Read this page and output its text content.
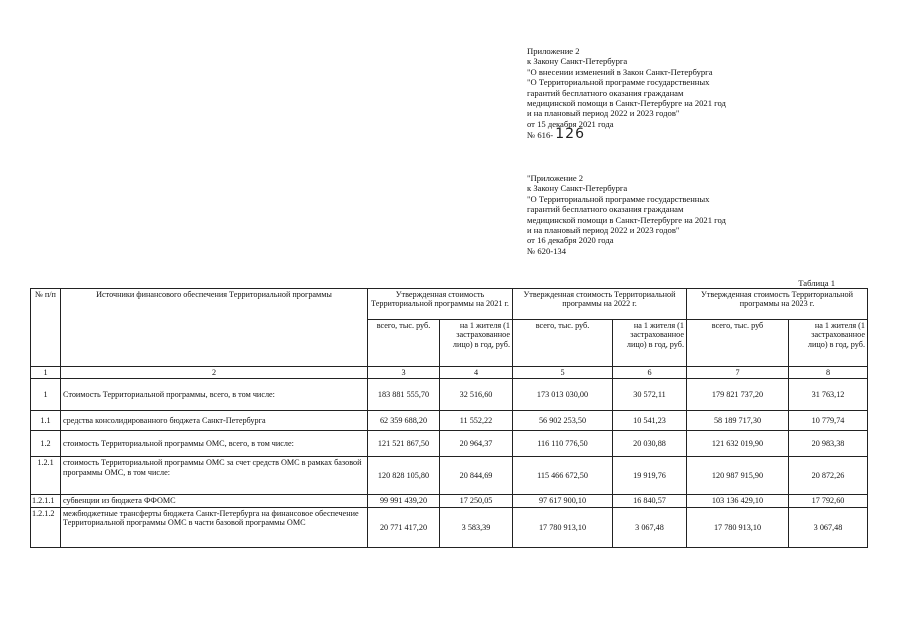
Приложение 2
к Закону Санкт-Петербурга
"О внесении изменений в Закон Санкт-Петербурга
"О Территориальной программе государственных
гарантий бесплатного оказания гражданам
медицинской помощи в Санкт-Петербурге на 2021 год
и на плановый период 2022 и 2023 годов"
от 15 декабря 2021 года
№ 616- 126
"Приложение 2
к Закону Санкт-Петербурга
"О Территориальной программе государственных
гарантий бесплатного оказания гражданам
медицинской помощи в Санкт-Петербурге на 2021 год
и на плановый период 2022 и 2023 годов"
от 16 декабря 2020 года
№ 620-134
Таблица 1
№ п/п	Источники финансового обеспечения Территориальной программы	Утвержденная стоимость Территориальной программы на 2021 г.		Утвержденная стоимость Территориальной программы на 2022 г.		Утвержденная стоимость Территориальной программы на 2023 г.	
		всего, тыс. руб.	на 1 жителя (1 застрахованное лицо) в год, руб.	всего, тыс. руб.	на 1 жителя (1 застрахованное лицо) в год, руб.	всего, тыс. руб	на 1 жителя (1 застрахованное лицо) в год, руб.
1	2	3	4	5	6	7	8
1	Стоимость Территориальной программы, всего, в том числе:	183 881 555,70	32 516,60	173 013 030,00	30 572,11	179 821 737,20	31 763,12
1.1	средства консолидированного бюджета Санкт-Петербурга	62 359 688,20	11 552,22	56 902 253,50	10 541,23	58 189 717,30	10 779,74
1.2	стоимость Территориальной программы ОМС, всего, в том числе:	121 521 867,50	20 964,37	116 110 776,50	20 030,88	121 632 019,90	20 983,38
1.2.1	стоимость Территориальной программы ОМС за счет средств ОМС в рамках базовой программы ОМС, в том числе:	120 828 105,80	20 844,69	115 466 672,50	19 919,76	120 987 915,90	20 872,26
1.2.1.1	субвенции из бюджета ФФОМС	99 991 439,20	17 250,05	97 617 900,10	16 840,57	103 136 429,10	17 792,60
1.2.1.2	межбюджетные трансферты бюджета Санкт-Петербурга на финансовое обеспечение Территориальной программы ОМС в части базовой программы ОМС	20 771 417,20	3 583,39	17 780 913,10	3 067,48	17 780 913,10	3 067,48
